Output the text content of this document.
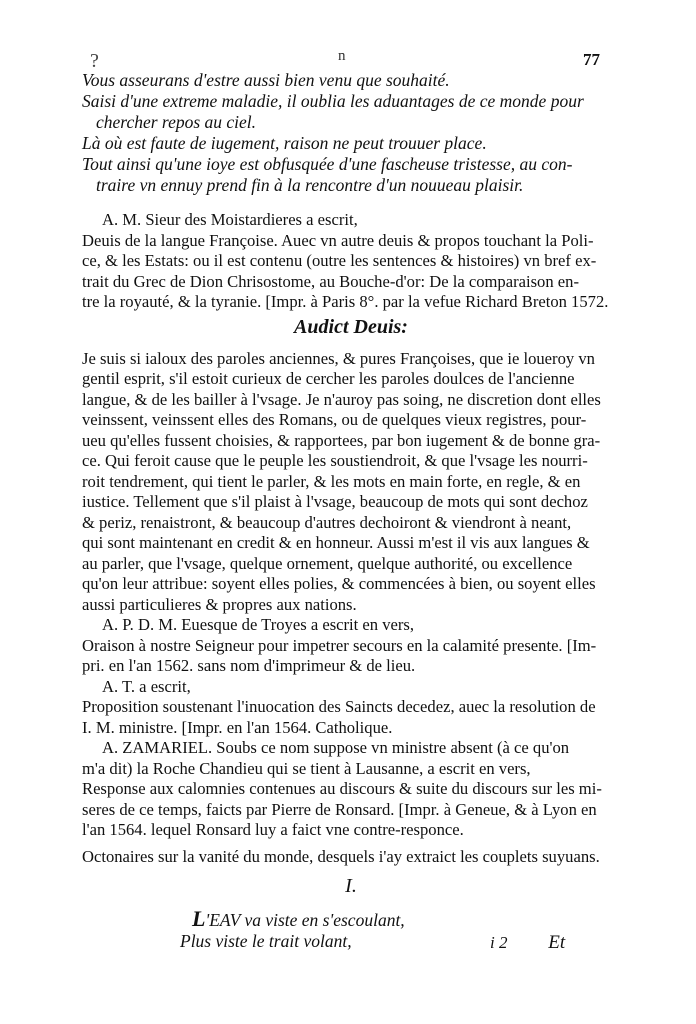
?	n	77
Vous asseurans d'estre aussi bien venu que souhaité.
Saisi d'une extreme maladie, il oublia les aduantages de ce monde pour
chercher repos au ciel.
Là où est faute de iugement, raison ne peut trouuer place.
Tout ainsi qu'une ioye est obfusquée d'une fascheuse tristesse, au con-
traire vn ennuy prend fin à la rencontre d'un nouueau plaisir.
A. M. Sieur des Moistardieres a escrit,
Deuis de la langue Françoise. Auec vn autre deuis & propos touchant la Poli-
ce, & les Estats: ou il est contenu (outre les sentences & histoires) vn bref ex-
trait du Grec de Dion Chrisostome, au Bouche-d'or: De la comparaison en-
tre la royauté, & la tyranie. [Impr. à Paris 8°. par la vefue Richard Breton 1572.
Audict Deuis:
Je suis si ialoux des paroles anciennes, & pures Françoises, que ie loueroy vn
gentil esprit, s'il estoit curieux de cercher les paroles doulces de l'ancienne
langue, & de les bailler à l'vsage. Je n'auroy pas soing, ne discretion dont elles
veinssent, veinssent elles des Romans, ou de quelques vieux registres, pour-
ueu qu'elles fussent choisies, & rapportees, par bon iugement & de bonne gra-
ce. Qui feroit cause que le peuple les soustiendroit, & que l'vsage les nourri-
roit tendrement, qui tient le parler, & les mots en main forte, en regle, & en
iustice. Tellement que s'il plaist à l'vsage, beaucoup de mots qui sont dechoz
& periz, renaistront, & beaucoup d'autres dechoiront & viendront à neant,
qui sont maintenant en credit & en honneur. Aussi m'est il vis aux langues &
au parler, que l'vsage, quelque ornement, quelque authorité, ou excellence
qu'on leur attribue: soyent elles polies, & commencées à bien, ou soyent elles
aussi particulieres & propres aux nations.
A. P. D. M. Euesque de Troyes a escrit en vers,
Oraison à nostre Seigneur pour impetrer secours en la calamité presente. [Im-
pri. en l'an 1562. sans nom d'imprimeur & de lieu.
A. T. a escrit,
Proposition soustenant l'inuocation des Saincts decedez, auec la resolution de
I. M. ministre. [Impr. en l'an 1564. Catholique.
A. ZAMARIEL. Soubs ce nom suppose vn ministre absent (à ce qu'on
m'a dit) la Roche Chandieu qui se tient à Lausanne, a escrit en vers,
Response aux calomnies contenues au discours & suite du discours sur les mi-
seres de ce temps, faicts par Pierre de Ronsard. [Impr. à Geneue, & à Lyon en
l'an 1564. lequel Ronsard luy a faict vne contre-responce.
Octonaires sur la vanité du monde, desquels i'ay extraict les couplets suyuans.
I.
L'EAV va viste en s'escoulant,
Plus viste le trait volant,	i 2 Et
